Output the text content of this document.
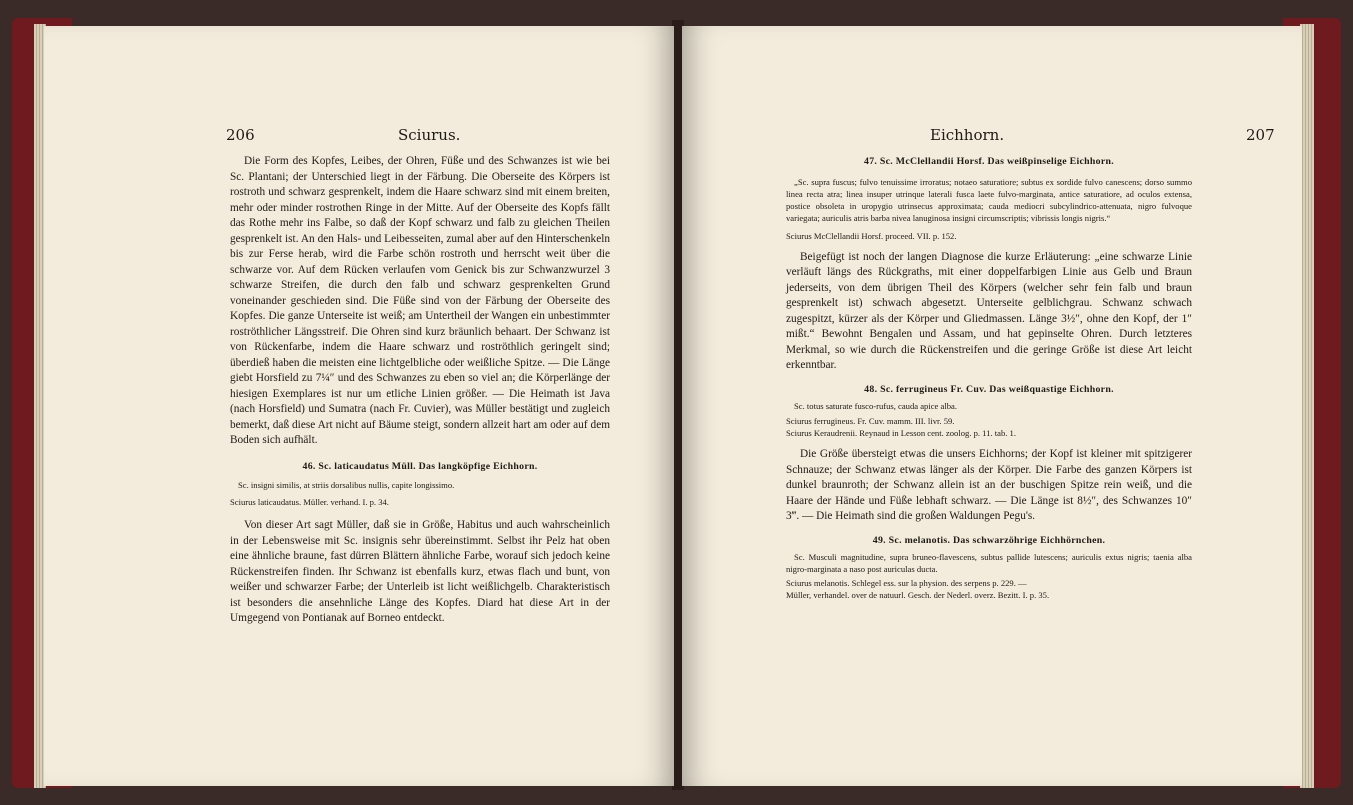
206	Sciurus.

Die Form des Kopfes, Leibes, der Ohren, Füße und des Schwanzes ist wie bei Sc. Plantani; der Unterschied liegt in der Färbung. Die Oberseite des Körpers ist rostroth und schwarz gesprenkelt, indem die Haare schwarz sind mit einem breiten, mehr oder minder rostrothen Ringe in der Mitte. Auf der Oberseite des Kopfs fällt das Rothe mehr ins Falbe, so daß der Kopf schwarz und falb zu gleichen Theilen gesprenkelt ist. An den Hals- und Leibesseiten, zumal aber auf den Hinterschenkeln bis zur Ferse herab, wird die Farbe schön rostroth und herrscht weit über die schwarze vor. Auf dem Rücken verlaufen vom Genick bis zur Schwanzwurzel 3 schwarze Streifen, die durch den falb und schwarz gesprenkelten Grund voneinander geschieden sind. Die Füße sind von der Färbung der Oberseite des Kopfes. Die ganze Unterseite ist weiß; am Untertheil der Wangen ein unbestimmter roströthlicher Längsstreif. Die Ohren sind kurz bräunlich behaart. Der Schwanz ist von Rückenfarbe, indem die Haare schwarz und roströthlich geringelt sind; überdieß haben die meisten eine lichtgelbliche oder weißliche Spitze. — Die Länge giebt Horsfield zu 7¼″ und des Schwanzes zu eben so viel an; die Körperlänge der hiesigen Exemplares ist nur um etliche Linien größer. — Die Heimath ist Java (nach Horsfield) und Sumatra (nach Fr. Cuvier), was Müller bestätigt und zugleich bemerkt, daß diese Art nicht auf Bäume steigt, sondern allzeit hart am oder auf dem Boden sich aufhält.

46. Sc. laticaudatus Müll. Das langköpfige Eichhorn.

Sc. insigni similis, at striis dorsalibus nullis, capite longissimo.

Sciurus laticaudatus. Müller. verhand. I. p. 34.

Von dieser Art sagt Müller, daß sie in Größe, Habitus und auch wahrscheinlich in der Lebensweise mit Sc. insignis sehr übereinstimmt. Selbst ihr Pelz hat oben eine ähnliche braune, fast dürren Blättern ähnliche Farbe, worauf sich jedoch keine Rückenstreifen finden. Ihr Schwanz ist ebenfalls kurz, etwas flach und bunt, von weißer und schwarzer Farbe; der Unterleib ist licht weißlichgelb. Charakteristisch ist besonders die ansehnliche Länge des Kopfes. Diard hat diese Art in der Umgegend von Pontianak auf Borneo entdeckt.

Eichhorn.	207

47. Sc. McClellandii Horsf. Das weißpinselige Eichhorn.

„Sc. supra fuscus; fulvo tenuissime irroratus; notaeo saturatiore; subtus ex sordide fulvo canescens; dorso summo linea recta atra; linea insuper utrinque laterali fusca laete fulvo-marginata, antice saturatiore, ad oculos extensa, postice obsoleta in uropygio utrinsecus approximata; cauda mediocri subcylindrico-attenuata, nigro fulvoque variegata; auriculis atris barba nivea lanuginosa insigni circumscriptis; vibrissis longis nigris.“

Sciurus McClellandii Horsf. proceed. VII. p. 152.

Beigefügt ist noch der langen Diagnose die kurze Erläuterung: „eine schwarze Linie verläuft längs des Rückgraths, mit einer doppelfarbigen Linie aus Gelb und Braun jederseits, von dem übrigen Theil des Körpers (welcher sehr fein falb und braun gesprenkelt ist) schwach abgesetzt. Unterseite gelblichgrau. Schwanz schwach zugespitzt, kürzer als der Körper und Gliedmassen. Länge 3½″, ohne den Kopf, der 1″ mißt.“ Bewohnt Bengalen und Assam, und hat gepinselte Ohren. Durch letzteres Merkmal, so wie durch die Rückenstreifen und die geringe Größe ist diese Art leicht erkenntbar.

48. Sc. ferrugineus Fr. Cuv. Das weißquastige Eichhorn.

Sc. totus saturate fusco-rufus, cauda apice alba.

Sciurus ferrugineus. Fr. Cuv. mamm. III. livr. 59.

Sciurus Keraudrenii. Reynaud in Lesson cent. zoolog. p. 11. tab. 1.

Die Größe übersteigt etwas die unsers Eichhorns; der Kopf ist kleiner mit spitzigerer Schnauze; der Schwanz etwas länger als der Körper. Die Farbe des ganzen Körpers ist dunkel braunroth; der Schwanz allein ist an der buschigen Spitze rein weiß, und die Haare der Hände und Füße lebhaft schwarz. — Die Länge ist 8½″, des Schwanzes 10″ 3‴. — Die Heimath sind die großen Waldungen Pegu's.

49. Sc. melanotis. Das schwarzöhrige Eichhörnchen.

Sc. Musculi magnitudine, supra bruneo-flavescens, subtus pallide lutescens; auriculis extus nigris; taenia alba nigro-marginata a naso post auriculas ducta.

Sciurus melanotis. Schlegel ess. sur la physion. des serpens p. 229. —

Müller, verhandel. over de natuurl. Gesch. der Nederl. overz. Bezitt. I. p. 35.
